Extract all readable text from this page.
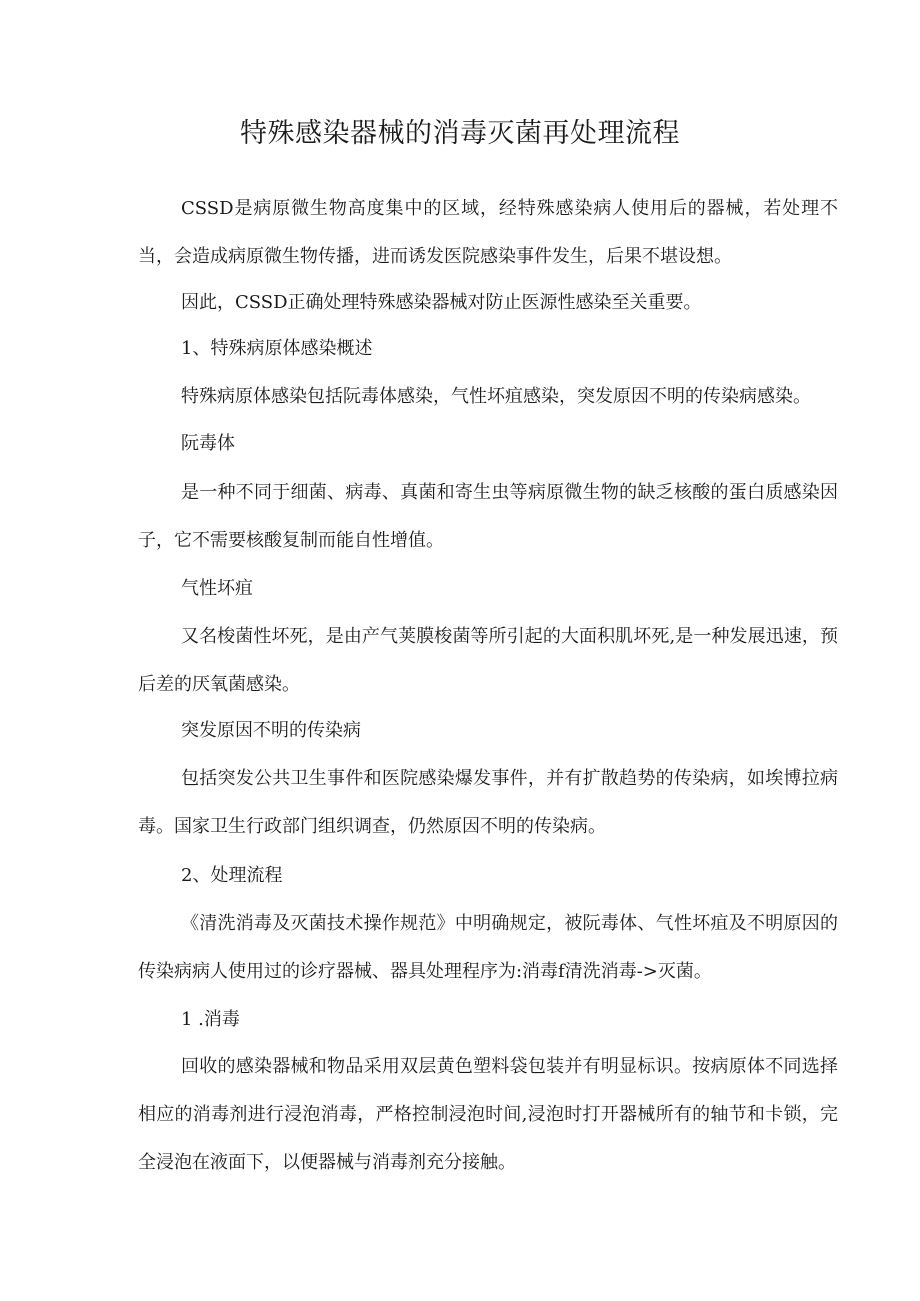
特殊感染器械的消毒灭菌再处理流程

CSSD是病原微生物高度集中的区域，经特殊感染病人使用后的器械，若处理不当，会造成病原微生物传播，进而诱发医院感染事件发生，后果不堪设想。

因此，CSSD正确处理特殊感染器械对防止医源性感染至关重要。

1、特殊病原体感染概述

特殊病原体感染包括阮毒体感染，气性坏疽感染，突发原因不明的传染病感染。

阮毒体

是一种不同于细菌、病毒、真菌和寄生虫等病原微生物的缺乏核酸的蛋白质感染因子，它不需要核酸复制而能自性增值。

气性坏疽

又名梭菌性坏死，是由产气荚膜梭菌等所引起的大面积肌坏死,是一种发展迅速，预后差的厌氧菌感染。

突发原因不明的传染病

包括突发公共卫生事件和医院感染爆发事件，并有扩散趋势的传染病，如埃博拉病毒。国家卫生行政部门组织调查，仍然原因不明的传染病。

2、处理流程

《清洗消毒及灭菌技术操作规范》中明确规定，被阮毒体、气性坏疽及不明原因的传染病病人使用过的诊疗器械、器具处理程序为:消毒f清洗消毒->灭菌。

1 .消毒

回收的感染器械和物品采用双层黄色塑料袋包装并有明显标识。按病原体不同选择相应的消毒剂进行浸泡消毒，严格控制浸泡时间,浸泡时打开器械所有的轴节和卡锁，完全浸泡在液面下，以便器械与消毒剂充分接触。
